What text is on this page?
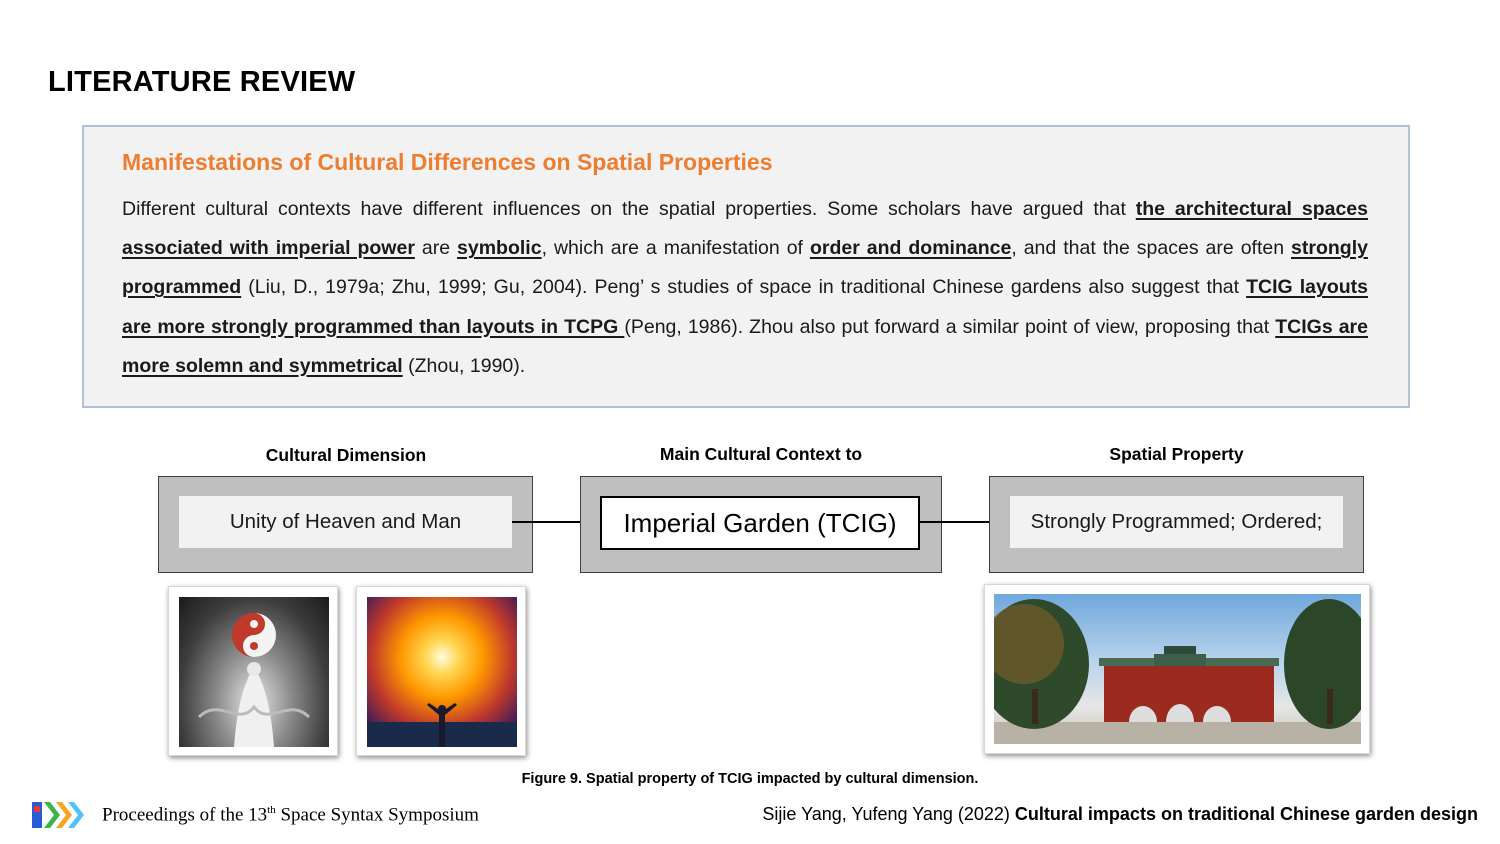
LITERATURE REVIEW
Manifestations of Cultural Differences on Spatial Properties
Different cultural contexts have different influences on the spatial properties. Some scholars have argued that the architectural spaces associated with imperial power are symbolic, which are a manifestation of order and dominance, and that the spaces are often strongly programmed (Liu, D., 1979a; Zhu, 1999; Gu, 2004). Peng’ s studies of space in traditional Chinese gardens also suggest that TCIG layouts are more strongly programmed than layouts in TCPG (Peng, 1986). Zhou also put forward a similar point of view, proposing that TCIGs are more solemn and symmetrical (Zhou, 1990).
Cultural Dimension	Main Cultural Context to	Spatial Property
Unity of Heaven and Man	Imperial Garden (TCIG)	Strongly Programmed; Ordered;
Figure 9. Spatial property of TCIG impacted by cultural dimension.
Proceedings of the 13th Space Syntax Symposium	Sijie Yang, Yufeng Yang (2022) Cultural impacts on traditional Chinese garden design
